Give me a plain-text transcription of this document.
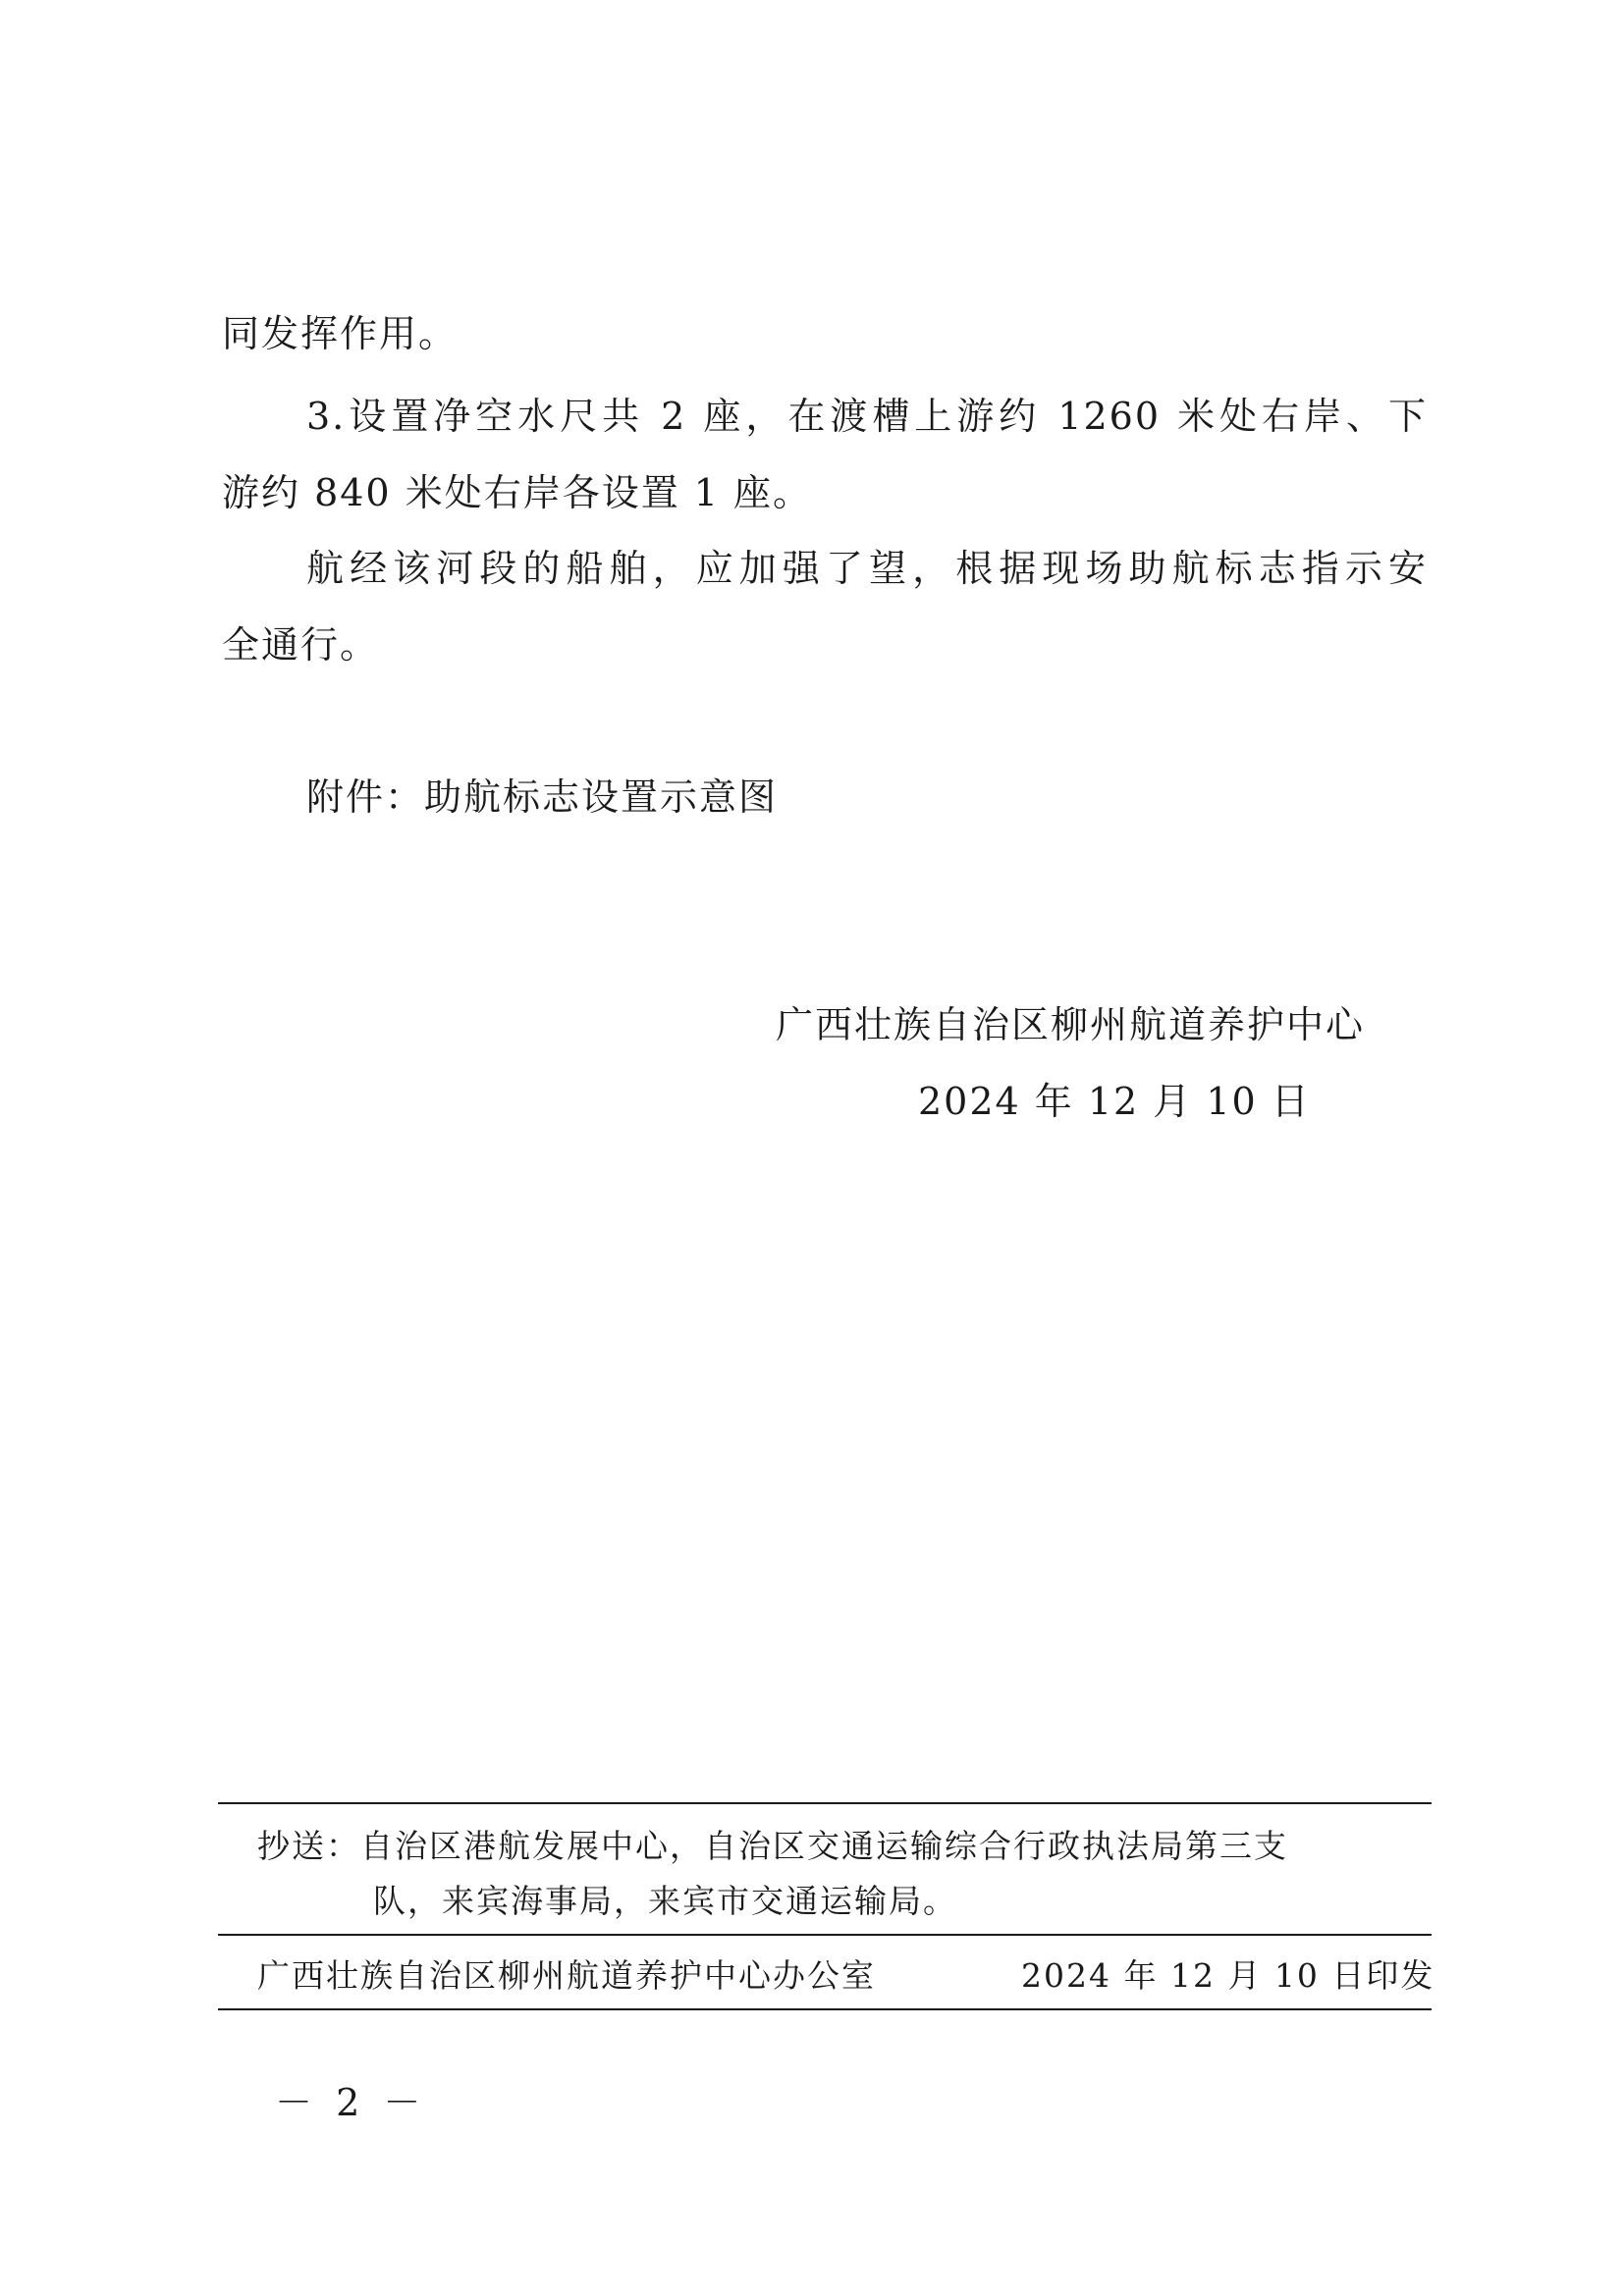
同发挥作用。
3.设置净空水尺共 2 座，在渡槽上游约 1260 米处右岸、下
游约 840 米处右岸各设置 1 座。
航经该河段的船舶，应加强了望，根据现场助航标志指示安
全通行。
附件：助航标志设置示意图
广西壮族自治区柳州航道养护中心
2024 年 12 月 10 日
抄送：自治区港航发展中心，自治区交通运输综合行政执法局第三支
队，来宾海事局，来宾市交通运输局。
广西壮族自治区柳州航道养护中心办公室	2024 年 12 月 10 日印发
－ 2 －
